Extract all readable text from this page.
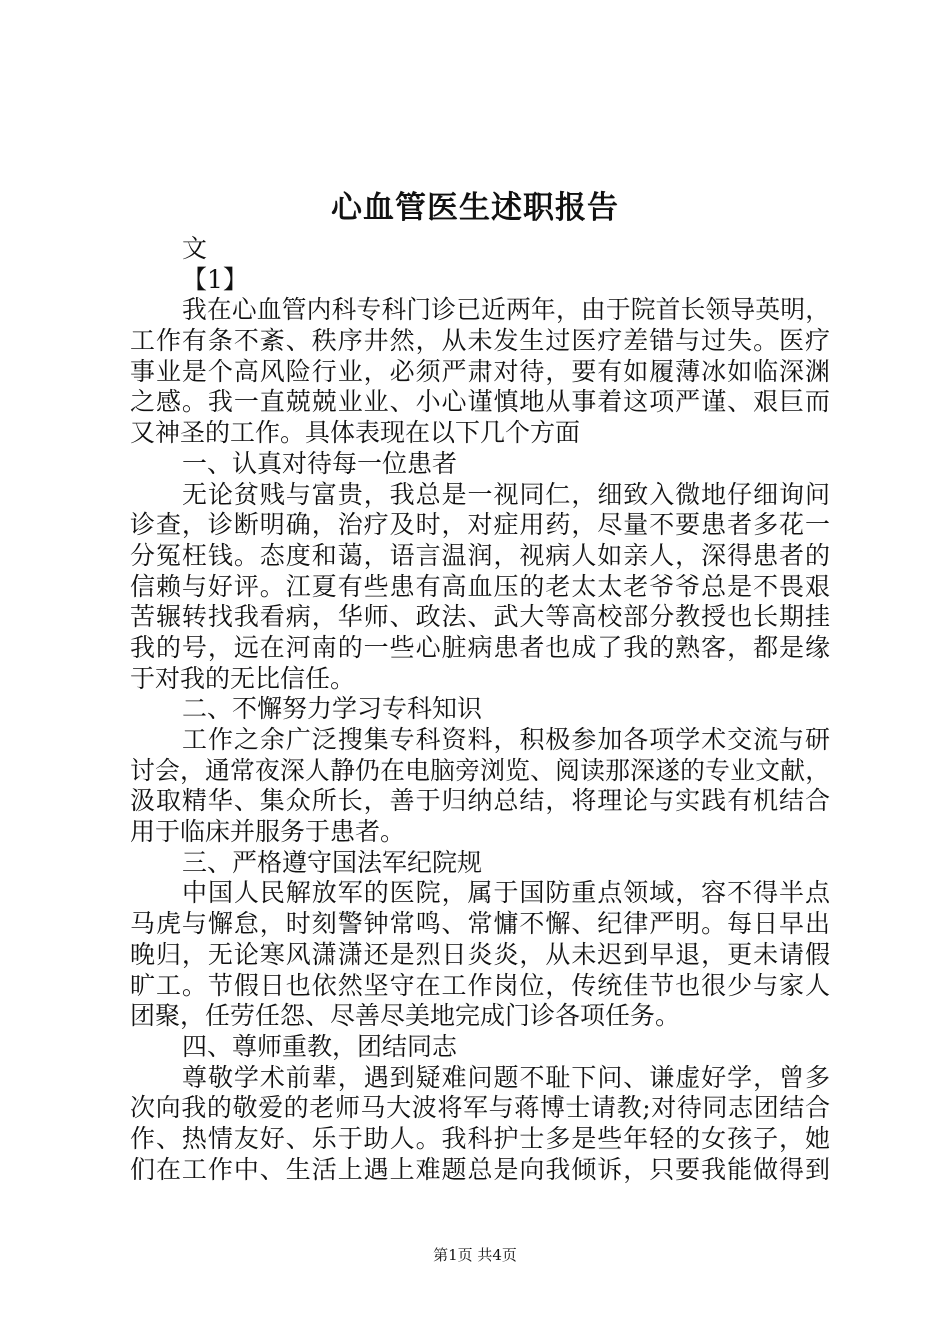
心血管医生述职报告
文
【1】
我在心血管内科专科门诊已近两年，由于院首长领导英明，
工作有条不紊、秩序井然，从未发生过医疗差错与过失。医疗
事业是个高风险行业，必须严肃对待，要有如履薄冰如临深渊
之感。我一直兢兢业业、小心谨慎地从事着这项严谨、艰巨而
又神圣的工作。具体表现在以下几个方面
一、认真对待每一位患者
无论贫贱与富贵，我总是一视同仁，细致入微地仔细询问
诊查，诊断明确，治疗及时，对症用药，尽量不要患者多花一
分冤枉钱。态度和蔼，语言温润，视病人如亲人，深得患者的
信赖与好评。江夏有些患有高血压的老太太老爷爷总是不畏艰
苦辗转找我看病，华师、政法、武大等高校部分教授也长期挂
我的号，远在河南的一些心脏病患者也成了我的熟客，都是缘
于对我的无比信任。
二、不懈努力学习专科知识
工作之余广泛搜集专科资料，积极参加各项学术交流与研
讨会，通常夜深人静仍在电脑旁浏览、阅读那深遂的专业文献，
汲取精华、集众所长，善于归纳总结，将理论与实践有机结合
用于临床并服务于患者。
三、严格遵守国法军纪院规
中国人民解放军的医院，属于国防重点领域，容不得半点
马虎与懈怠，时刻警钟常鸣、常慵不懈、纪律严明。每日早出
晚归，无论寒风潇潇还是烈日炎炎，从未迟到早退，更未请假
旷工。节假日也依然坚守在工作岗位，传统佳节也很少与家人
团聚，任劳任怨、尽善尽美地完成门诊各项任务。
四、尊师重教，团结同志
尊敬学术前辈，遇到疑难问题不耻下问、谦虚好学，曾多
次向我的敬爱的老师马大波将军与蒋博士请教;对待同志团结合
作、热情友好、乐于助人。我科护士多是些年轻的女孩子，她
们在工作中、生活上遇上难题总是向我倾诉，只要我能做得到
第1页 共4页
